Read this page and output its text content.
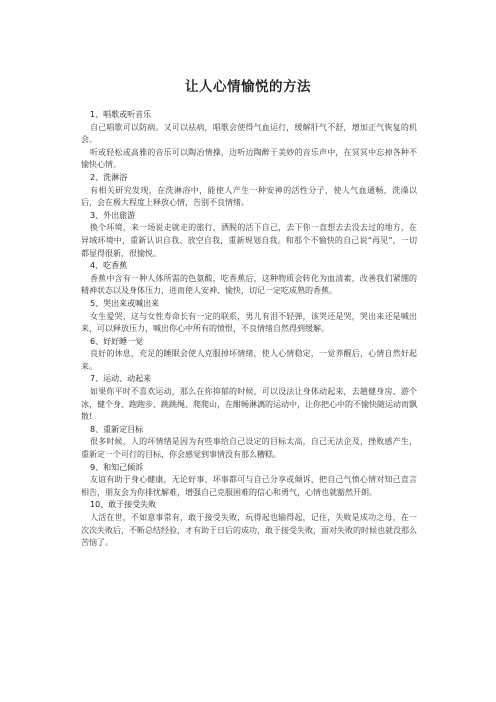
让人心情愉悦的方法
1、唱歌或听音乐
自己唱歌可以防病。又可以祛病，唱歌会使得气血运行，缓解肝气不舒，增加正气恢复的机会。
听或轻松或高雅的音乐可以陶冶情操，边听边陶醉于美妙的音乐声中，在冥冥中忘掉各种不愉快心情。
2、洗淋浴
有相关研究发现，在洗淋浴中，能使人产生一种安神的活性分子，使人气血通畅，洗澡以后，会在极大程度上释放心情，告别不良情绪。
3、外出旅游
换个环境，来一场说走就走的旅行，洒脱的活下自己，去下你一直想去去没去过的地方，在异域环境中，重新认识自我、放空自我，重新规划自我。和那个不愉快的自己说“再见”，一切都显得很新，很愉悦。
4、吃香蕉
香蕉中含有一种人体所需的色氨酸，吃香蕉后，这种物质会转化为血清素，改善我们紧绷的精神状态以及身体压力，进而使人安神、愉快，切记一定吃成熟的香蕉。
5、哭出来或喊出来
女生爱哭，这与女性寿命长有一定的联系，男儿有泪不轻弹，该哭还是哭，哭出来还是喊出来，可以释放压力，喊出你心中所有的愤恨，不良情绪自然得到缓解。
6、好好睡一觉
良好的休息，充足的睡眠会使人克服掉坏情绪，使人心情稳定，一觉养醒后，心情自然好起来。
7、运动、动起来
如果你平时不喜欢运动，那么在你抑郁的时候，可以设法让身体动起来，去趟健身房、游个冰，健个身、跑跑步、跳跳绳、爬爬山，在酣畅淋漓的运动中，让你把心中的不愉快随运动而飘散!
8、重新定目标
很多时候，人的坏情绪是因为有些事给自己设定的目标太高，自己无法企及，挫败感产生，重新定一个可行的目标，你会感觉到事情没有那么糟糕。
9、和知己倾诉
友谊有助于身心健康，无论好事、坏事都可与自己分享或倾诉，把自己气愤心情对知己直言相告，朋友会为你排忧解难，增强自己克服困难的信心和勇气，心情也就豁然开朗。
10、敢于接受失败
人活在世，不如意事常有，敢于接受失败，玩得起也输得起，记住，失败是成功之母，在一次次失败后，不断总结经验，才有助于日后的成功，敢于接受失败，面对失败的时候也就没那么苦恼了。
